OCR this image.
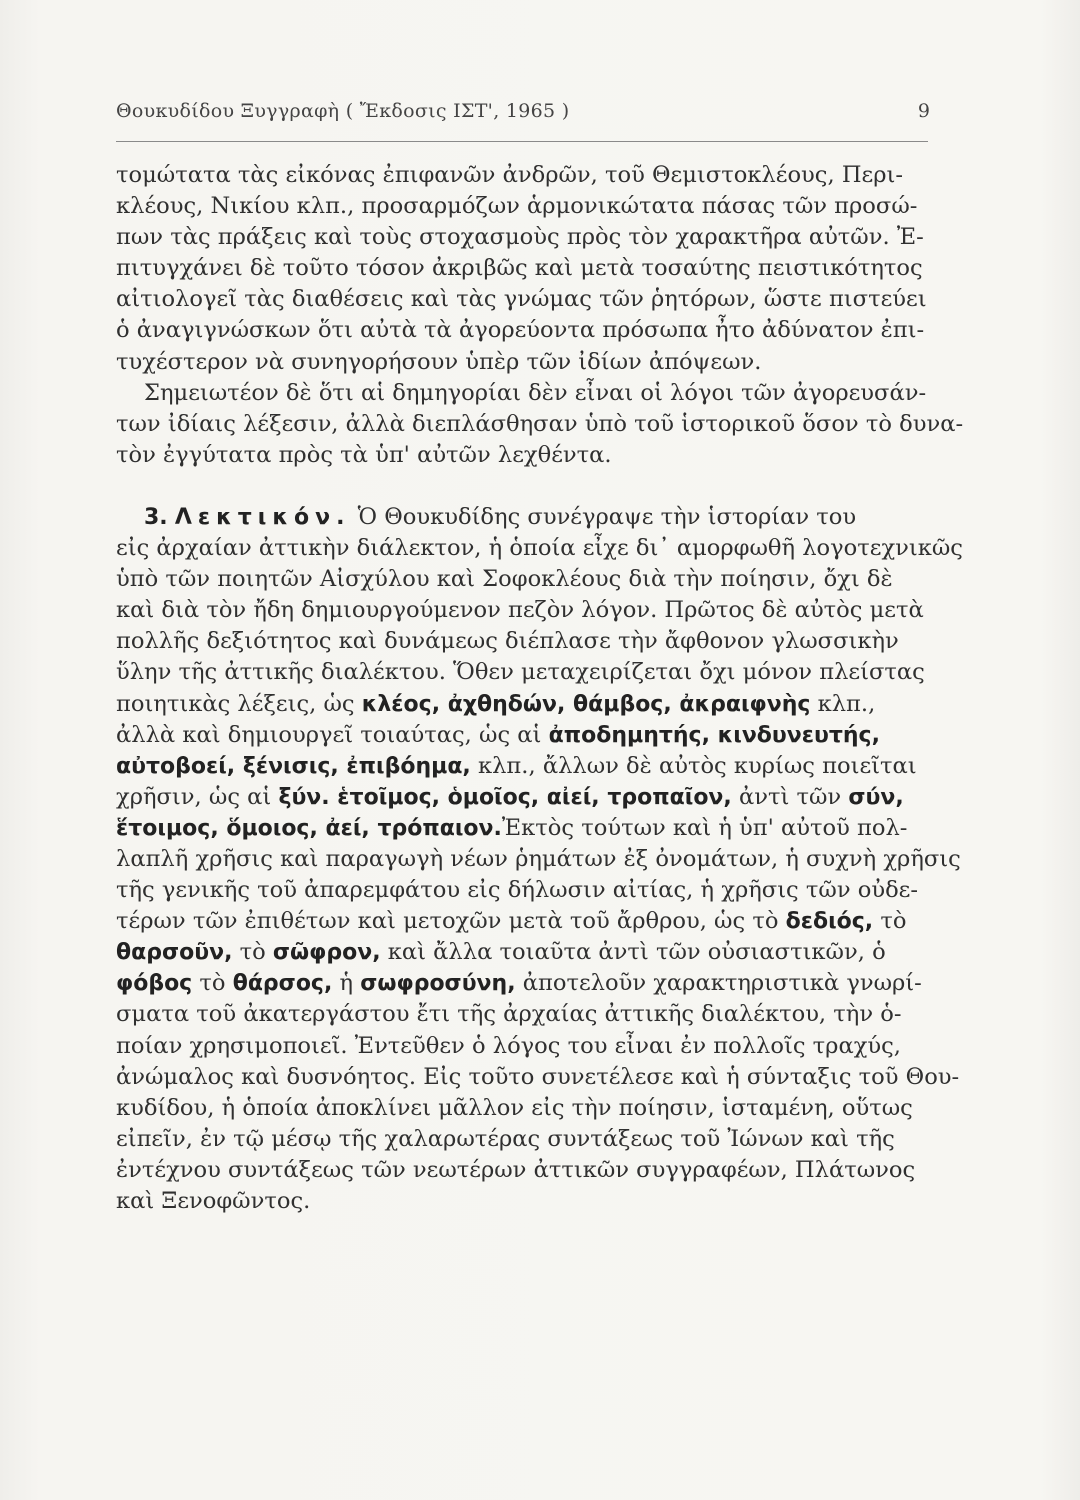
Θουκυδίδου Ξυγγραφὴ ( Ἔκδοσις ΙΣΤ', 1965 )	9
τομώτατα τὰς εἰκόνας ἐπιφανῶν ἀνδρῶν, τοῦ Θεμιστοκλέους, Περι-
κλέους, Νικίου κλπ., προσαρμόζων ἁρμονικώτατα πάσας τῶν προσώ-
πων τὰς πράξεις καὶ τοὺς στοχασμοὺς πρὸς τὸν χαρακτῆρα αὐτῶν. Ἐ-
πιτυγχάνει δὲ τοῦτο τόσον ἀκριβῶς καὶ μετὰ τοσαύτης πειστικότητος
αἰτιολογεῖ τὰς διαθέσεις καὶ τὰς γνώμας τῶν ῥητόρων, ὥστε πιστεύει
ὁ ἀναγιγνώσκων ὅτι αὐτὰ τὰ ἀγορεύοντα πρόσωπα ἦτο ἀδύνατον ἐπι-
τυχέστερον νὰ συνηγορήσουν ὑπὲρ τῶν ἰδίων ἀπόψεων.
Σημειωτέον δὲ ὅτι αἱ δημηγορίαι δὲν εἶναι οἱ λόγοι τῶν ἀγορευσάν-
των ἰδίαις λέξεσιν, ἀλλὰ διεπλάσθησαν ὑπὸ τοῦ ἱστορικοῦ ὅσον τὸ δυνα-
τὸν ἐγγύτατα πρὸς τὰ ὑπ' αὐτῶν λεχθέντα.
3. Λεκτικόν. Ὁ Θουκυδίδης συνέγραψε τὴν ἱστορίαν του
εἰς ἀρχαίαν ἀττικὴν διάλεκτον, ἡ ὁποία εἶχε δι᾽ αμορφωθῆ λογοτεχνικῶς
ὑπὸ τῶν ποιητῶν Αἰσχύλου καὶ Σοφοκλέους διὰ τὴν ποίησιν, ὄχι δὲ
καὶ διὰ τὸν ἤδη δημιουργούμενον πεζὸν λόγον. Πρῶτος δὲ αὐτὸς μετὰ
πολλῆς δεξιότητος καὶ δυνάμεως διέπλασε τὴν ἄφθονον γλωσσικὴν
ὕλην τῆς ἀττικῆς διαλέκτου. Ὅθεν μεταχειρίζεται ὄχι μόνον πλείστας
ποιητικὰς λέξεις, ὡς κλέος, ἀχθηδών, θάμβος, ἀκραιφνὴς κλπ.,
ἀλλὰ καὶ δημιουργεῖ τοιαύτας, ὡς αἱ ἀποδημητής, κινδυνευτής,
αὐτοβοεί, ξένισις, ἐπιβόημα, κλπ., ἄλλων δὲ αὐτὸς κυρίως ποιεῖται
χρῆσιν, ὡς αἱ ξύν. ἑτοῖμος, ὁμοῖος, αἰεί, τροπαῖον, ἀντὶ τῶν σύν,
ἕτοιμος, ὅμοιος, ἀεί, τρόπαιον.Ἐκτὸς τούτων καὶ ἡ ὑπ' αὐτοῦ πολ-
λαπλῆ χρῆσις καὶ παραγωγὴ νέων ῥημάτων ἐξ ὀνομάτων, ἡ συχνὴ χρῆσις
τῆς γενικῆς τοῦ ἀπαρεμφάτου εἰς δήλωσιν αἰτίας, ἡ χρῆσις τῶν οὐδε-
τέρων τῶν ἐπιθέτων καὶ μετοχῶν μετὰ τοῦ ἄρθρου, ὡς τὸ δεδιός, τὸ
θαρσοῦν, τὸ σῶφρον, καὶ ἄλλα τοιαῦτα ἀντὶ τῶν οὐσιαστικῶν, ὁ
φόβος τὸ θάρσος, ἡ σωφροσύνη, ἀποτελοῦν χαρακτηριστικὰ γνωρί-
σματα τοῦ ἀκατεργάστου ἔτι τῆς ἀρχαίας ἀττικῆς διαλέκτου, τὴν ὁ-
ποίαν χρησιμοποιεῖ. Ἐντεῦθεν ὁ λόγος του εἶναι ἐν πολλοῖς τραχύς,
ἀνώμαλος καὶ δυσνόητος. Εἰς τοῦτο συνετέλεσε καὶ ἡ σύνταξις τοῦ Θου-
κυδίδου, ἡ ὁποία ἀποκλίνει μᾶλλον εἰς τὴν ποίησιν, ἱσταμένη, οὕτως
εἰπεῖν, ἐν τῷ μέσῳ τῆς χαλαρωτέρας συντάξεως τοῦ Ἰώνων καὶ τῆς
ἐντέχνου συντάξεως τῶν νεωτέρων ἀττικῶν συγγραφέων, Πλάτωνος
καὶ Ξενοφῶντος.
